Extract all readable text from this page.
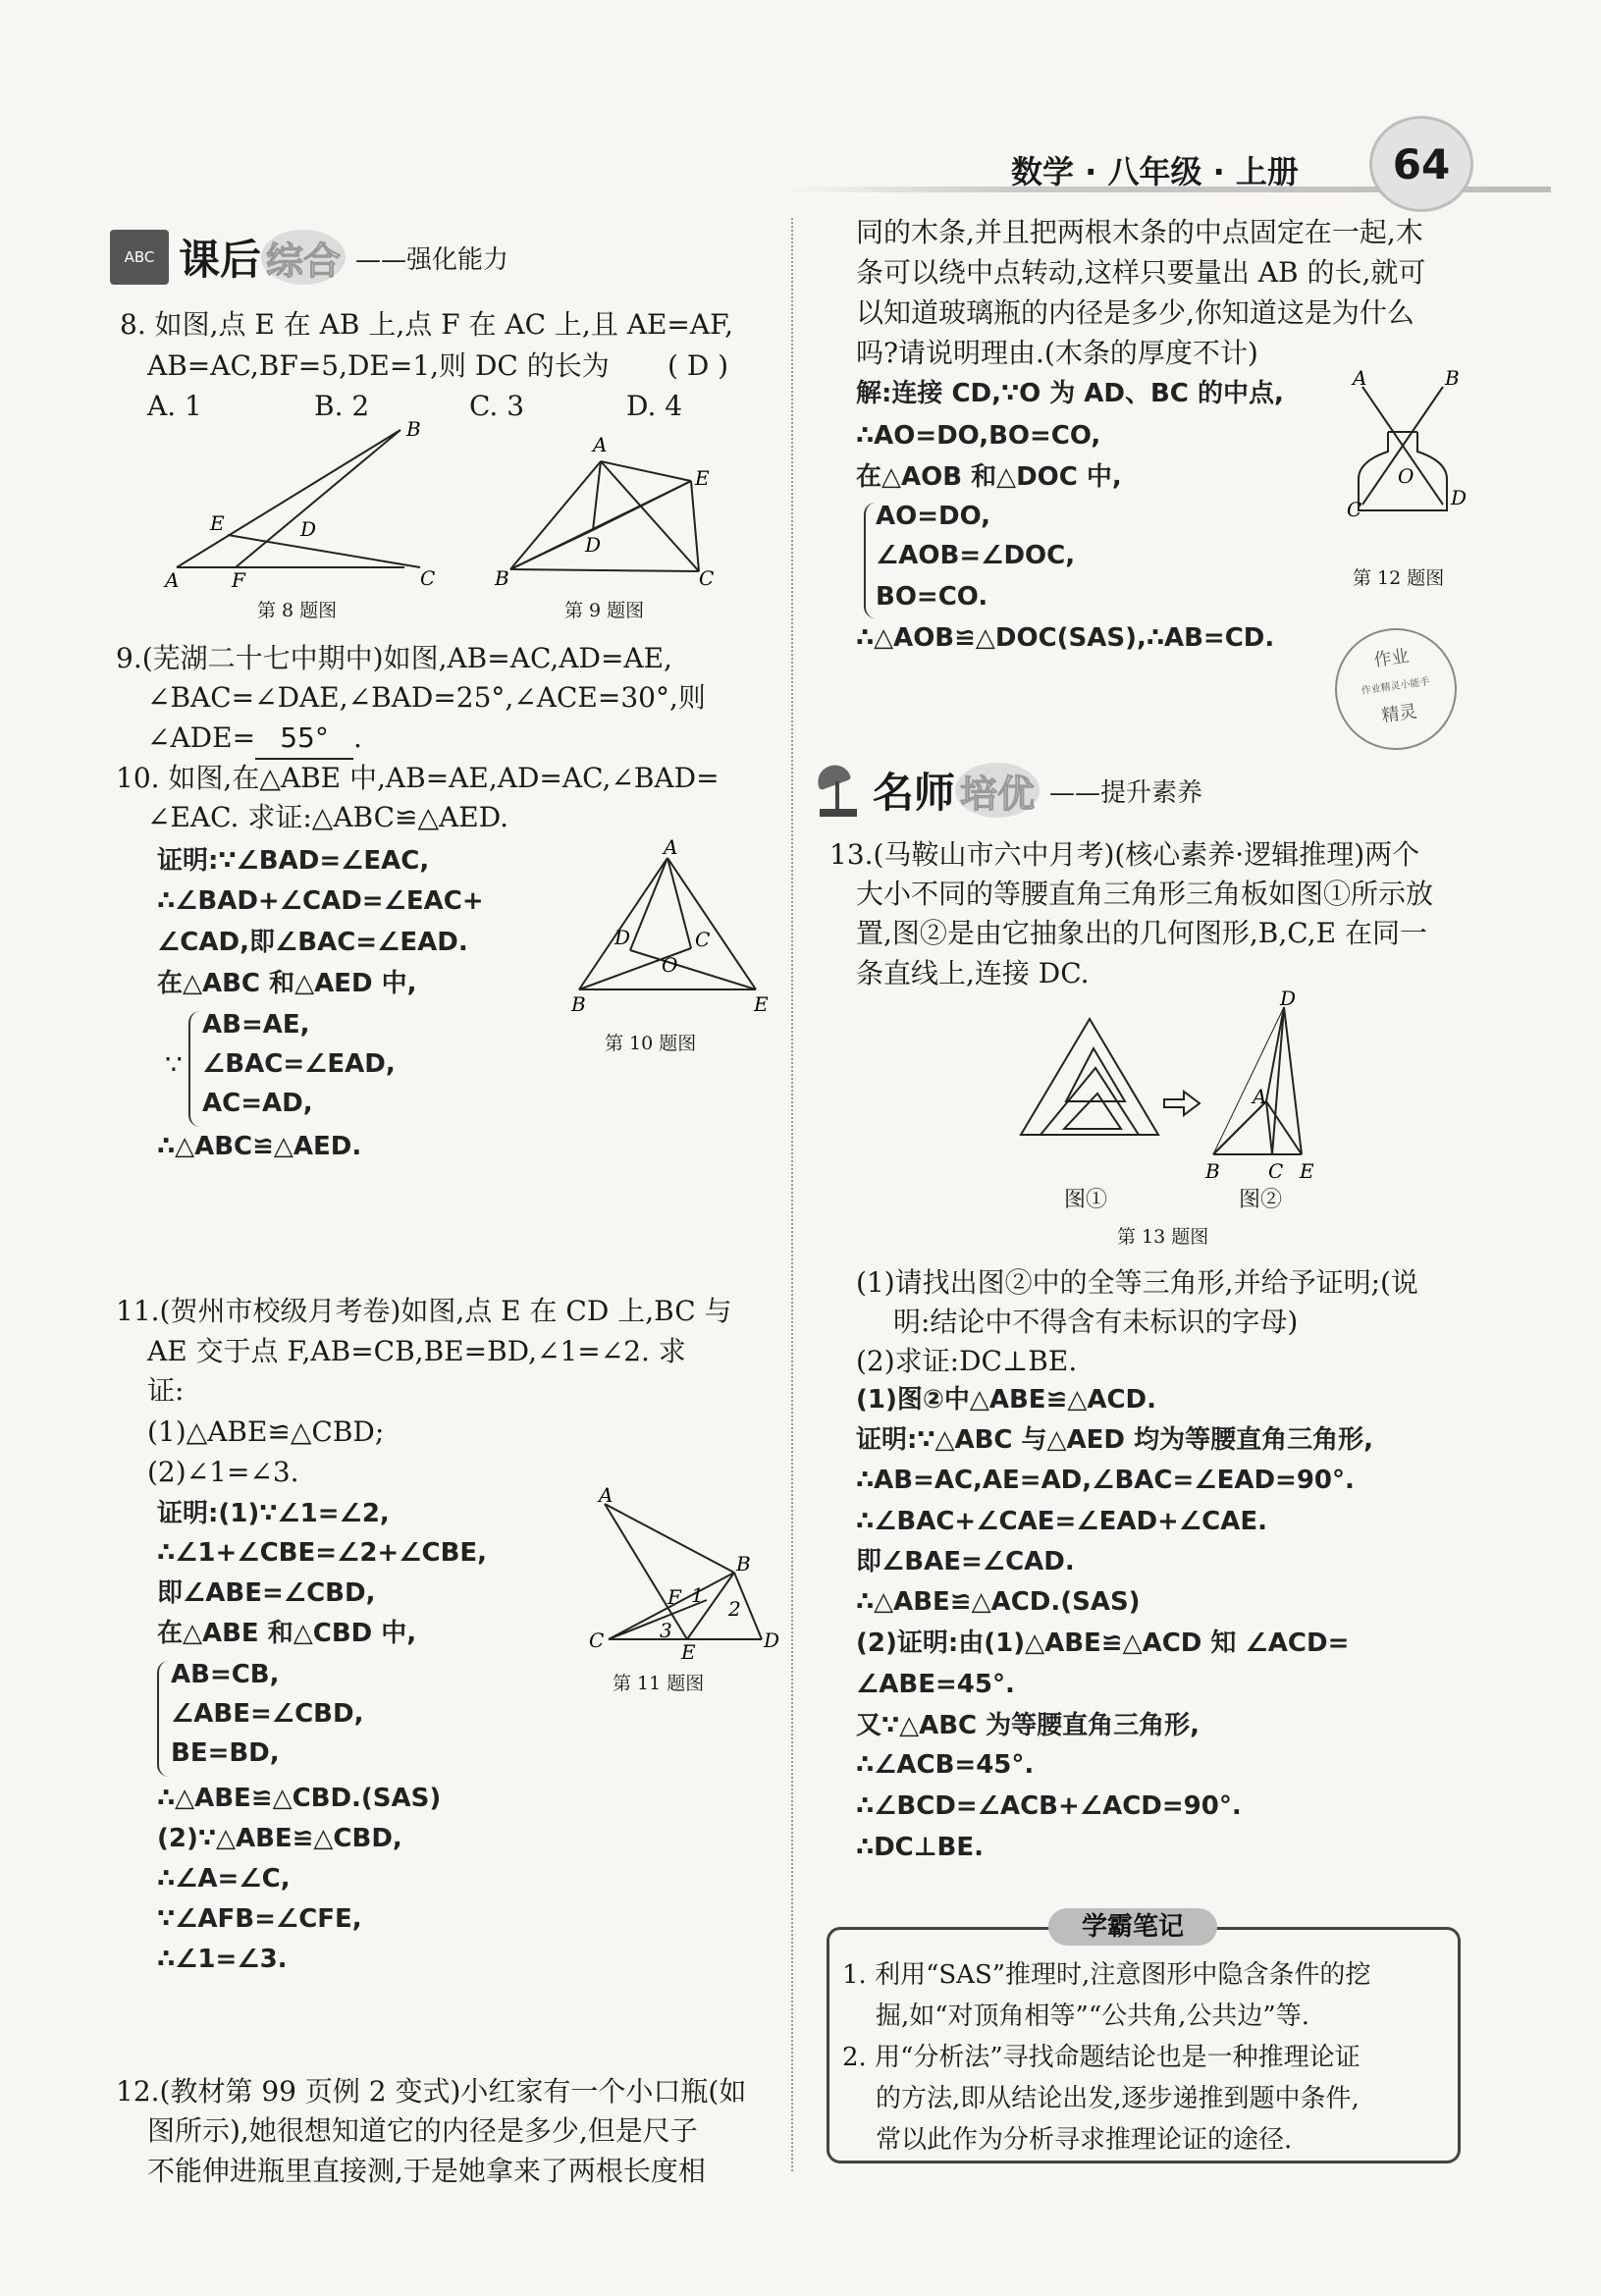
数学 · 八年级 · 上册 64
ABC 课后 综合 ——强化能力
8. 如图,点 E 在 AB 上,点 F 在 AC 上,且 AE=AF,
AB=AC,BF=5,DE=1,则 DC 的长为 ( D )
A. 1	B. 2	C. 3	D. 4
A	F	C
B
E	D
A
E
B	C
D
第 8 题图	第 9 题图
9.(芜湖二十七中期中)如图,AB=AC,AD=AE,
∠BAC=∠DAE,∠BAD=25°,∠ACE=30°,则
∠ADE= 55° .
10. 如图,在△ABE 中,AB=AE,AD=AC,∠BAD=
∠EAC. 求证:△ABC≌△AED.
证明:∵∠BAD=∠EAC,
∴∠BAD+∠CAD=∠EAC+
∠CAD,即∠BAC=∠EAD.
在△ABC 和△AED 中,
AB=AE,
∠BAC=∠EAD,
AC=AD,
∵
∴△ABC≌△AED.
A
D	C
O
B	E
第 10 题图
11.(贺州市校级月考卷)如图,点 E 在 CD 上,BC 与
AE 交于点 F,AB=CB,BE=BD,∠1=∠2. 求
证:
(1)△ABE≌△CBD;
(2)∠1=∠3.
证明:(1)∵∠1=∠2,
∴∠1+∠CBE=∠2+∠CBE,
即∠ABE=∠CBD,
在△ABE 和△CBD 中,
AB=CB,
∠ABE=∠CBD,
BE=BD,
∴△ABE≌△CBD.(SAS)
(2)∵△ABE≌△CBD,
∴∠A=∠C,
∵∠AFB=∠CFE,
∴∠1=∠3.
A
B
C	D
E
F 1
2
3
第 11 题图
12.(教材第 99 页例 2 变式)小红家有一个小口瓶(如
图所示),她很想知道它的内径是多少,但是尺子
不能伸进瓶里直接测,于是她拿来了两根长度相
同的木条,并且把两根木条的中点固定在一起,木
条可以绕中点转动,这样只要量出 AB 的长,就可
以知道玻璃瓶的内径是多少,你知道这是为什么
吗?请说明理由.(木条的厚度不计)
解:连接 CD,∵O 为 AD、BC 的中点,
∴AO=DO,BO=CO,
在△AOB 和△DOC 中,
AO=DO,
∠AOB=∠DOC,
BO=CO.
∴△AOB≌△DOC(SAS),∴AB=CD.
A	B
O
C	D
第 12 题图
作业
作业精灵小能手
精灵
名师 培优 ——提升素养
13.(马鞍山市六中月考)(核心素养·逻辑推理)两个
大小不同的等腰直角三角形三角板如图①所示放
置,图②是由它抽象出的几何图形,B,C,E 在同一
条直线上,连接 DC.
D
A
B C E
图①	图②
第 13 题图
(1)请找出图②中的全等三角形,并给予证明;(说
明:结论中不得含有未标识的字母)
(2)求证:DC⊥BE.
(1)图②中△ABE≌△ACD.
证明:∵△ABC 与△AED 均为等腰直角三角形,
∴AB=AC,AE=AD,∠BAC=∠EAD=90°.
∴∠BAC+∠CAE=∠EAD+∠CAE.
即∠BAE=∠CAD.
∴△ABE≌△ACD.(SAS)
(2)证明:由(1)△ABE≌△ACD 知 ∠ACD=
∠ABE=45°.
又∵△ABC 为等腰直角三角形,
∴∠ACB=45°.
∴∠BCD=∠ACB+∠ACD=90°.
∴DC⊥BE.
学霸笔记
1. 利用“SAS”推理时,注意图形中隐含条件的挖
掘,如“对顶角相等”“公共角,公共边”等.
2. 用“分析法”寻找命题结论也是一种推理论证
的方法,即从结论出发,逐步递推到题中条件,
常以此作为分析寻求推理论证的途径.
